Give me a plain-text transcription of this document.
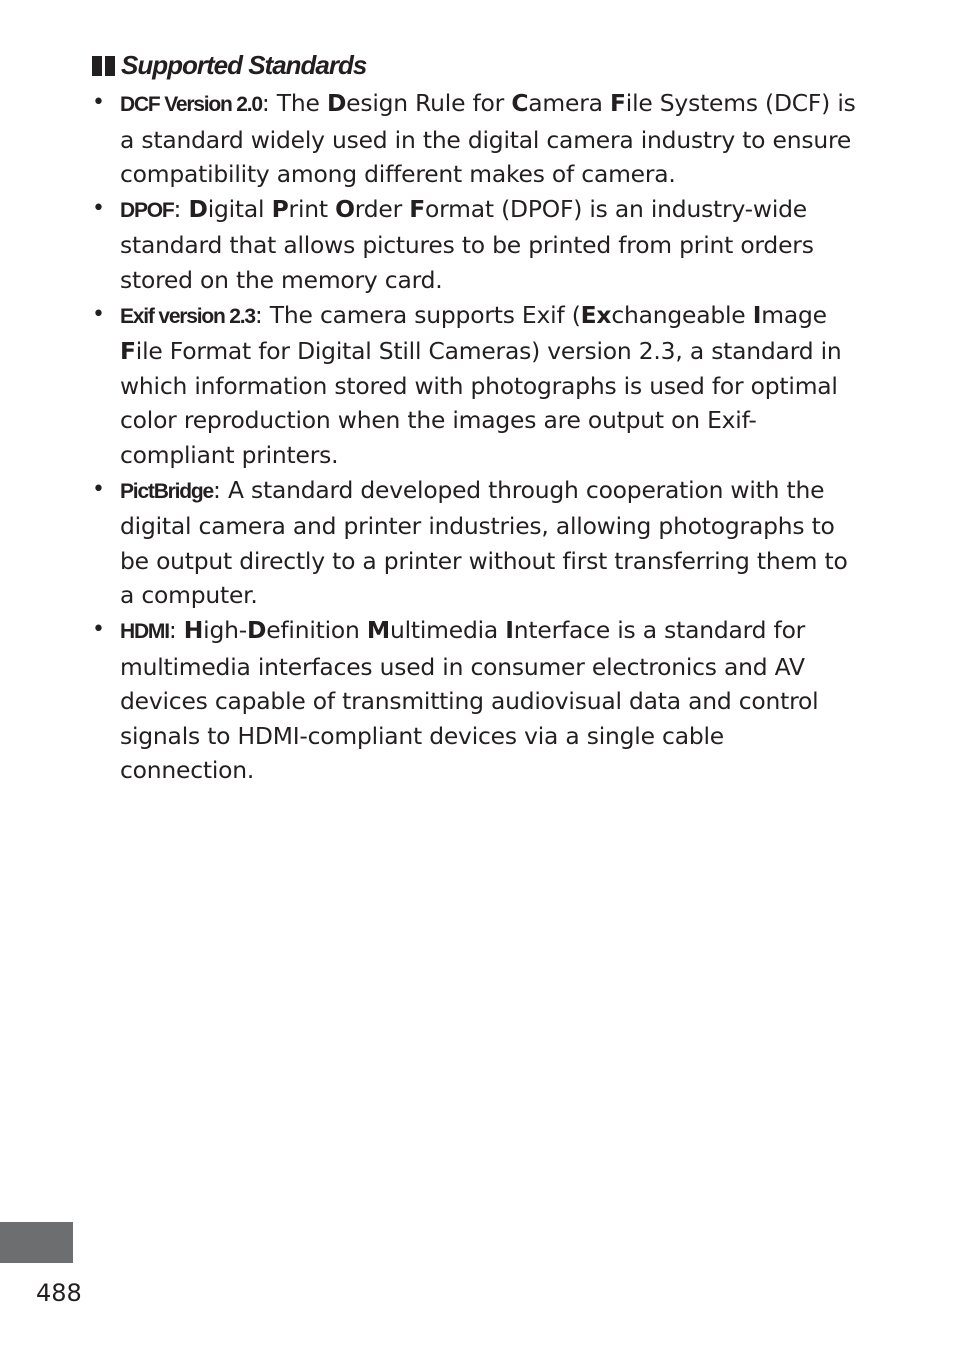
Supported Standards
• DCF Version 2.0: The Design Rule for Camera File Systems (DCF) is a standard widely used in the digital camera industry to ensure compatibility among different makes of camera.
• DPOF: Digital Print Order Format (DPOF) is an industry-wide standard that allows pictures to be printed from print orders stored on the memory card.
• Exif version 2.3: The camera supports Exif (Exchangeable Image File Format for Digital Still Cameras) version 2.3, a standard in which information stored with photographs is used for optimal color reproduction when the images are output on Exif-compliant printers.
• PictBridge: A standard developed through cooperation with the digital camera and printer industries, allowing photographs to be output directly to a printer without first transferring them to a computer.
• HDMI: High-Definition Multimedia Interface is a standard for multimedia interfaces used in consumer electronics and AV devices capable of transmitting audiovisual data and control signals to HDMI-compliant devices via a single cable connection.
488
